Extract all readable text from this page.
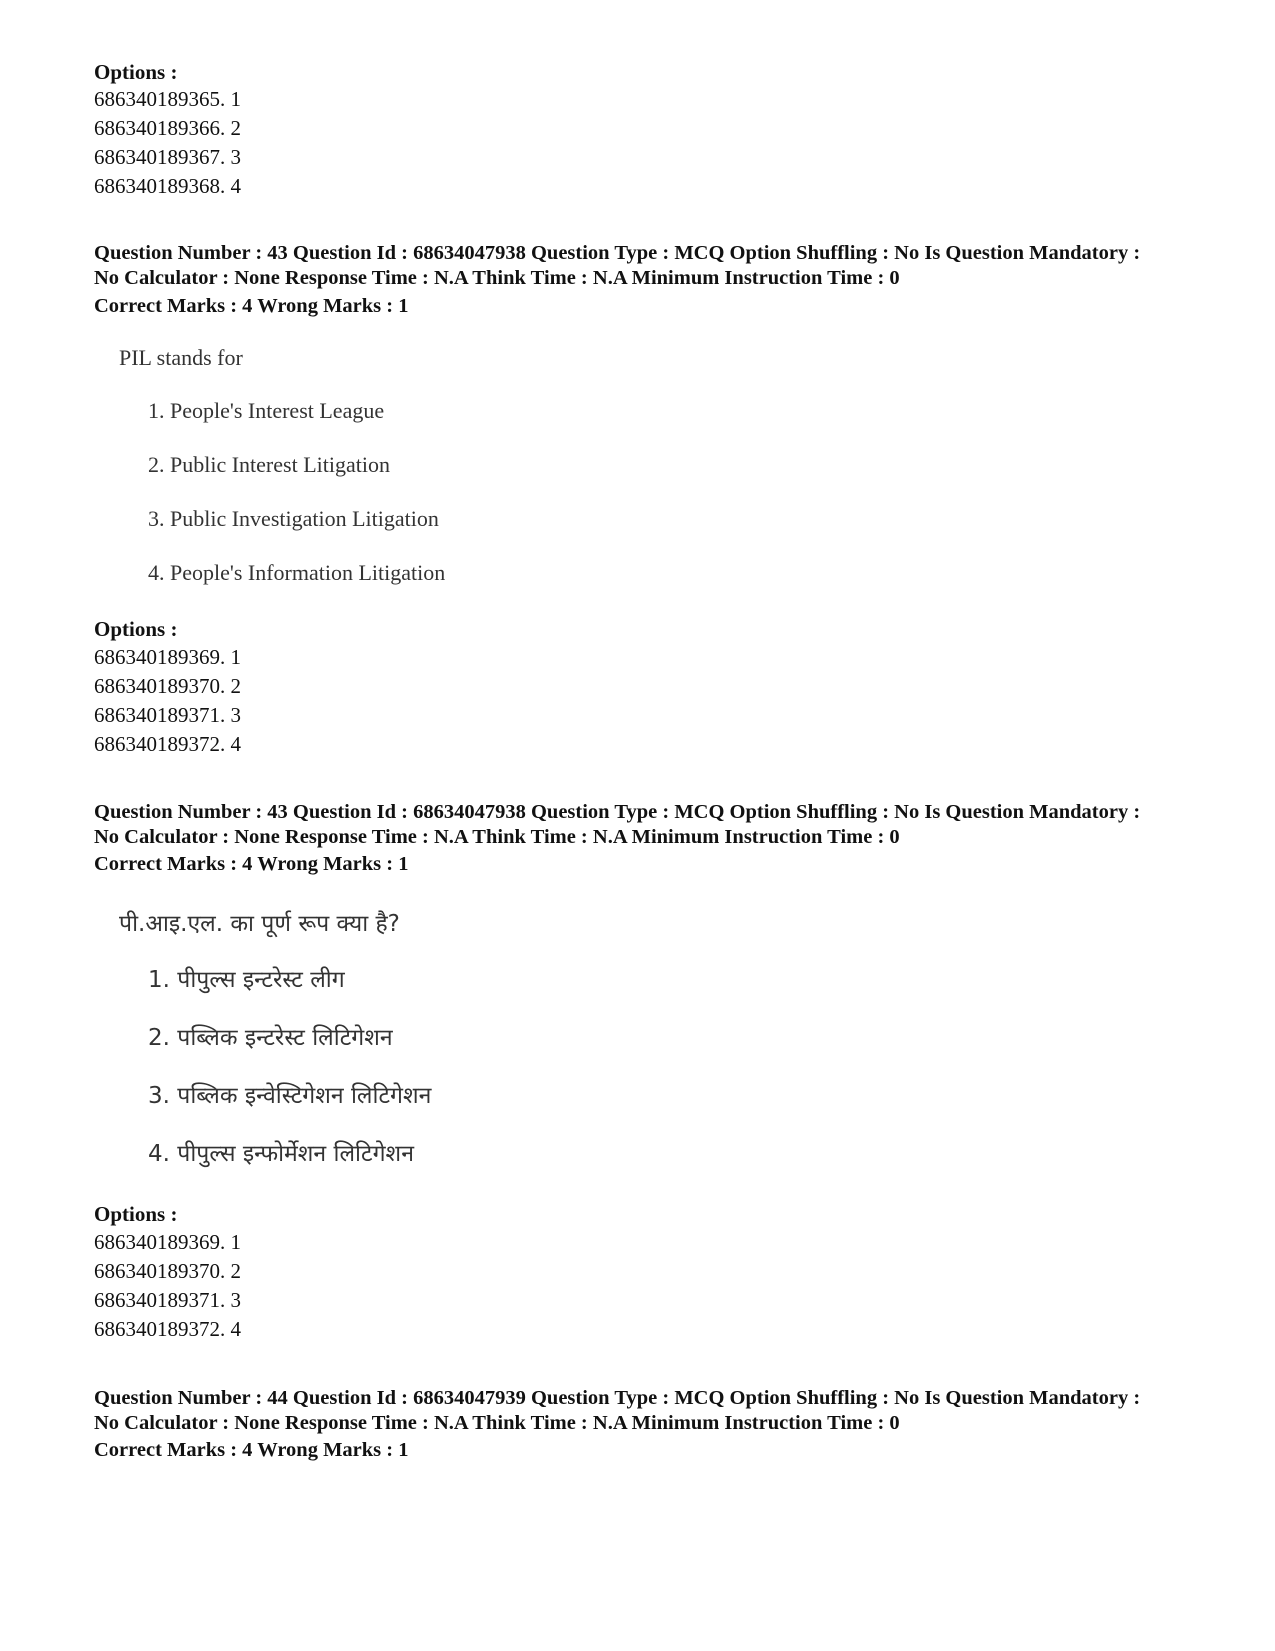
Options :
686340189365. 1
686340189366. 2
686340189367. 3
686340189368. 4
Question Number : 43 Question Id : 68634047938 Question Type : MCQ Option Shuffling : No Is Question Mandatory :
No Calculator : None Response Time : N.A Think Time : N.A Minimum Instruction Time : 0
Correct Marks : 4 Wrong Marks : 1
PIL stands for
1. People's Interest League
2. Public Interest Litigation
3. Public Investigation Litigation
4. People's Information Litigation
Options :
686340189369. 1
686340189370. 2
686340189371. 3
686340189372. 4
Question Number : 43 Question Id : 68634047938 Question Type : MCQ Option Shuffling : No Is Question Mandatory :
No Calculator : None Response Time : N.A Think Time : N.A Minimum Instruction Time : 0
Correct Marks : 4 Wrong Marks : 1
पी.आइ.एल. का पूर्ण रूप क्या है?
1. पीपुल्स इन्टरेस्ट लीग
2. पब्लिक इन्टरेस्ट लिटिगेशन
3. पब्लिक इन्वेस्टिगेशन लिटिगेशन
4. पीपुल्स इन्फोर्मेशन लिटिगेशन
Options :
686340189369. 1
686340189370. 2
686340189371. 3
686340189372. 4
Question Number : 44 Question Id : 68634047939 Question Type : MCQ Option Shuffling : No Is Question Mandatory :
No Calculator : None Response Time : N.A Think Time : N.A Minimum Instruction Time : 0
Correct Marks : 4 Wrong Marks : 1
